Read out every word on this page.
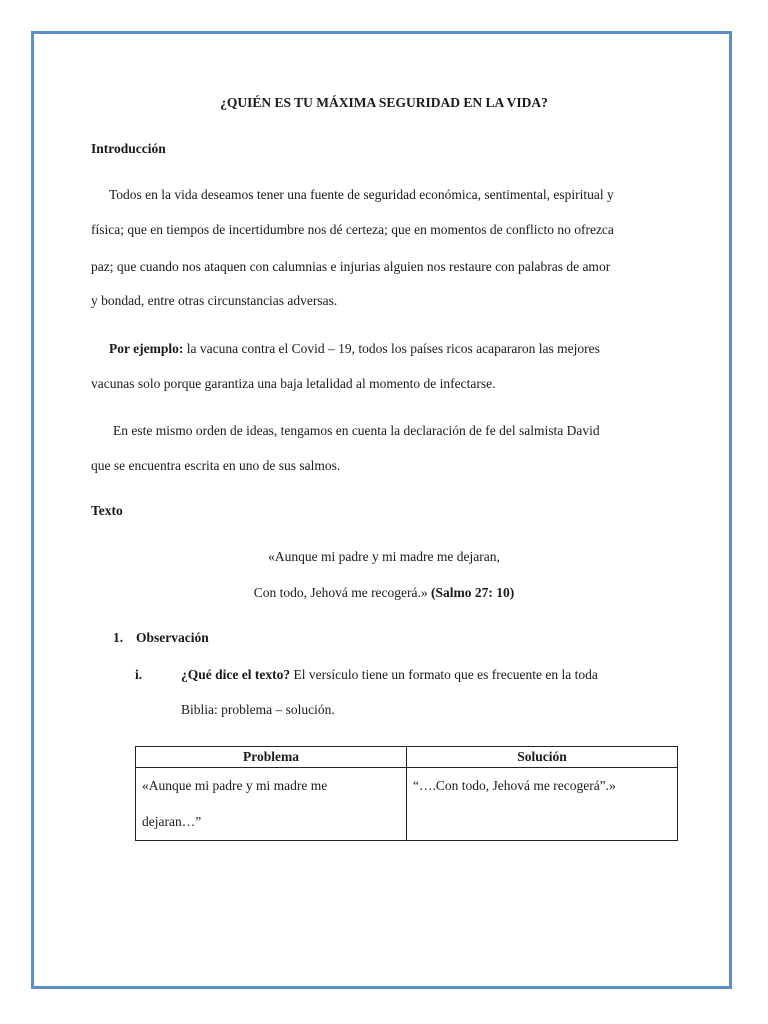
¿QUIÉN ES TU MÁXIMA SEGURIDAD EN LA VIDA?
Introducción
Todos en la vida deseamos tener una fuente de seguridad económica, sentimental, espiritual y
física; que en tiempos de incertidumbre nos dé certeza; que en momentos de conflicto no ofrezca
paz; que cuando nos ataquen con calumnias e injurias alguien nos restaure con palabras de amor
y bondad, entre otras circunstancias adversas.
Por ejemplo: la vacuna contra el Covid – 19, todos los países ricos acapararon las mejores
vacunas solo porque garantiza una baja letalidad al momento de infectarse.
En este mismo orden de ideas, tengamos en cuenta la declaración de fe del salmista David
que se encuentra escrita en uno de sus salmos.
Texto
«Aunque mi padre y mi madre me dejaran,
Con todo, Jehová me recogerá.» (Salmo 27: 10)
1. Observación
i.	¿Qué dice el texto? El versículo tiene un formato que es frecuente en la toda
Biblia: problema – solución.
Problema	Solución

«Aunque mi padre y mi madre me
dejaran…”	“….Con todo, Jehová me recogerá”.»
